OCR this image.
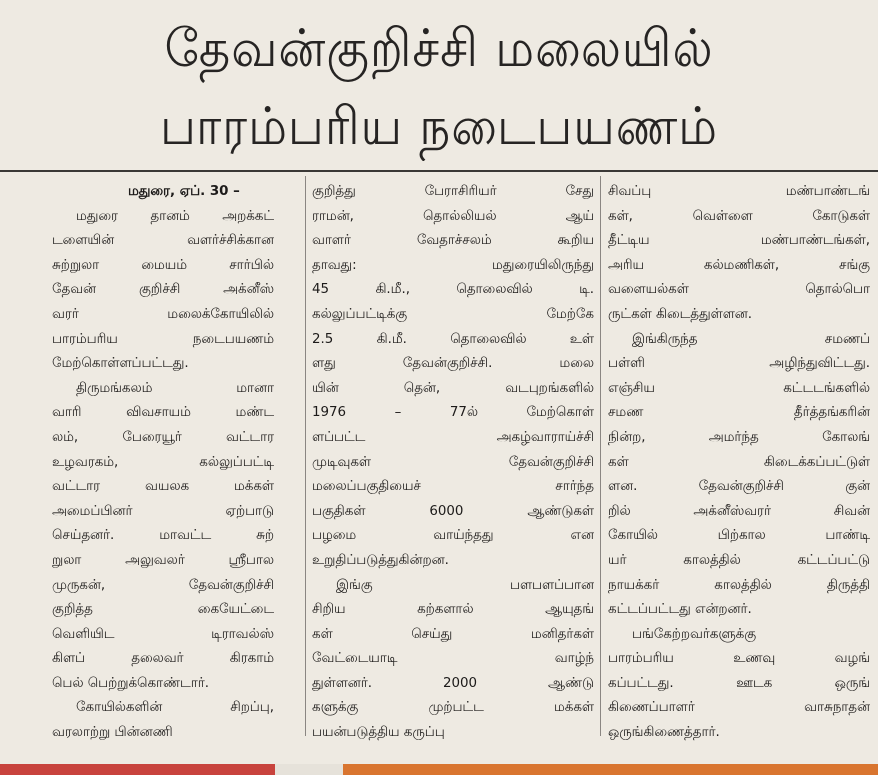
தேவன்குறிச்சி மலையில்
பாரம்பரிய நடைபயணம்
மதுரை, ஏப். 30 –
மதுரை தானம் அறக்கட்
டளையின் வளர்ச்சிக்கான
சுற்றுலா மையம் சார்பில்
தேவன் குறிச்சி அக்னீஸ்
வரர் மலைக்கோயிலில்
பாரம்பரிய நடைபயணம்
மேற்கொள்ளப்பட்டது.
திருமங்கலம் மானா
வாரி விவசாயம் மண்ட
லம், பேரையூர் வட்டார
உழவரகம், கல்லுப்பட்டி
வட்டார வயலக மக்கள்
அமைப்பினர் ஏற்பாடு
செய்தனர். மாவட்ட சுற்
றுலா அலுவலர் ஸ்ரீபால
முருகன், தேவன்குறிச்சி
குறித்த கையேட்டை
வெளியிட டிராவல்ஸ்
கிளப் தலைவர் கிரகாம்
பெல் பெற்றுக்கொண்டார்.
கோயில்களின் சிறப்பு,
வரலாற்று பின்னணி
குறித்து பேராசிரியர் சேது
ராமன், தொல்லியல் ஆய்
வாளர் வேதாச்சலம் கூறிய
தாவது: மதுரையிலிருந்து
45 கி.மீ., தொலைவில் டி.
கல்லுப்பட்டிக்கு மேற்கே
2.5 கி.மீ. தொலைவில் உள்
ளது தேவன்குறிச்சி. மலை
யின் தென், வடபுறங்களில்
1976 – 77ல் மேற்கொள்
ளப்பட்ட அகழ்வாராய்ச்சி
முடிவுகள் தேவன்குறிச்சி
மலைப்பகுதியைச் சார்ந்த
பகுதிகள் 6000 ஆண்டுகள்
பழமை வாய்ந்தது என
உறுதிப்படுத்துகின்றன.
இங்கு பளபளப்பான
சிறிய கற்களால் ஆயுதங்
கள் செய்து மனிதர்கள்
வேட்டையாடி வாழ்ந்
துள்ளனர். 2000 ஆண்டு
களுக்கு முற்பட்ட மக்கள்
பயன்படுத்திய கருப்பு
சிவப்பு மண்பாண்டங்
கள், வெள்ளை கோடுகள்
தீட்டிய மண்பாண்டங்கள்,
அரிய கல்மணிகள், சங்கு
வளையல்கள் தொல்பொ
ருட்கள் கிடைத்துள்ளன.
இங்கிருந்த சமணப்
பள்ளி அழிந்துவிட்டது.
எஞ்சிய கட்டடங்களில்
சமண தீர்த்தங்கரின்
நின்ற, அமர்ந்த கோலங்
கள் கிடைக்கப்பட்டுள்
ளன. தேவன்குறிச்சி குன்
றில் அக்னீஸ்வரர் சிவன்
கோயில் பிற்கால பாண்டி
யர் காலத்தில் கட்டப்பட்டு
நாயக்கர் காலத்தில் திருத்தி
கட்டப்பட்டது என்றனர்.
பங்கேற்றவர்களுக்கு
பாரம்பரிய உணவு வழங்
கப்பட்டது. ஊடக ஒருங்
கிணைப்பாளர் வாசுநாதன்
ஒருங்கிணைத்தார்.
